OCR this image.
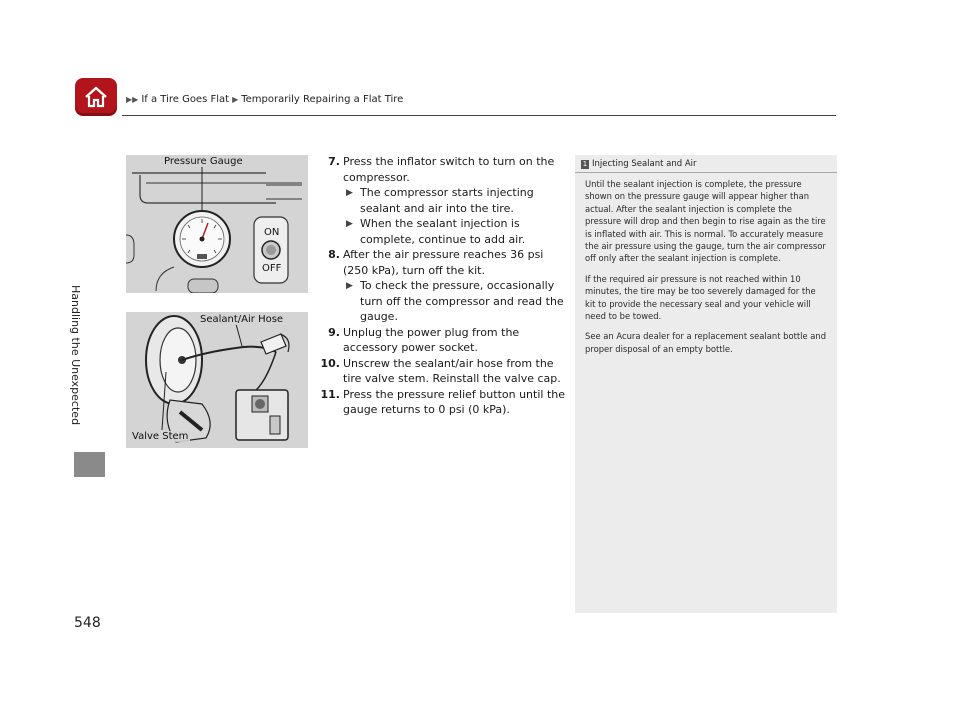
▶▶ If a Tire Goes Flat ▶ Temporarily Repairing a Flat Tire
Handling the Unexpected
548
Pressure Gauge
ON
OFF
Sealant/Air Hose
Valve Stem
7. Press the inflator switch to turn on the compressor.
▶ The compressor starts injecting sealant and air into the tire.
▶ When the sealant injection is complete, continue to add air.
8. After the air pressure reaches 36 psi (250 kPa), turn off the kit.
▶ To check the pressure, occasionally turn off the compressor and read the gauge.
9. Unplug the power plug from the accessory power socket.
10. Unscrew the sealant/air hose from the tire valve stem. Reinstall the valve cap.
11. Press the pressure relief button until the gauge returns to 0 psi (0 kPa).
1 Injecting Sealant and Air

Until the sealant injection is complete, the pressure shown on the pressure gauge will appear higher than actual. After the sealant injection is complete the pressure will drop and then begin to rise again as the tire is inflated with air. This is normal. To accurately measure the air pressure using the gauge, turn the air compressor off only after the sealant injection is complete.

If the required air pressure is not reached within 10 minutes, the tire may be too severely damaged for the kit to provide the necessary seal and your vehicle will need to be towed.

See an Acura dealer for a replacement sealant bottle and proper disposal of an empty bottle.
